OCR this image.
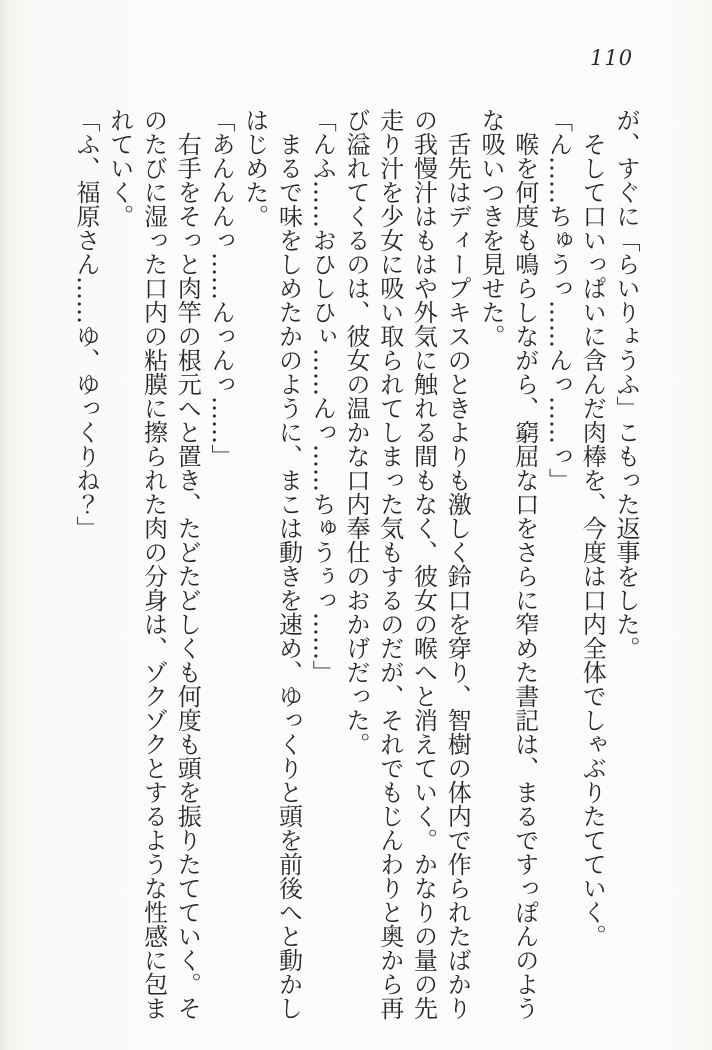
110

が、すぐに「らいりょうふ」こもった返事をした。

そして口いっぱいに含んだ肉棒を、今度は口内全体でしゃぶりたてていく。

「ん……ちゅうっ……んっ……っ」

喉を何度も鳴らしながら、窮屈な口をさらに窄めた書記は、まるですっぽんのよう

な吸いつきを見せた。

舌先はディープキスのときよりも激しく鈴口を穿り、智樹の体内で作られたばかり

の我慢汁はもはや外気に触れる間もなく、彼女の喉へと消えていく。かなりの量の先

走り汁を少女に吸い取られてしまった気もするのだが、それでもじんわりと奥から再

び溢れてくるのは、彼女の温かな口内奉仕のおかげだった。

「んふ……おひしひぃ……んっ……ちゅうぅっ……」

まるで味をしめたかのように、まこは動きを速め、ゆっくりと頭を前後へと動かし

はじめた。

「あんんんっ……んっんっ……」

右手をそっと肉竿の根元へと置き、たどたどしくも何度も頭を振りたてていく。そ

のたびに湿った口内の粘膜に擦られた肉の分身は、ゾクゾクとするような性感に包ま

れていく。

「ふ、福原さん……ゆ、ゆっくりね？」
